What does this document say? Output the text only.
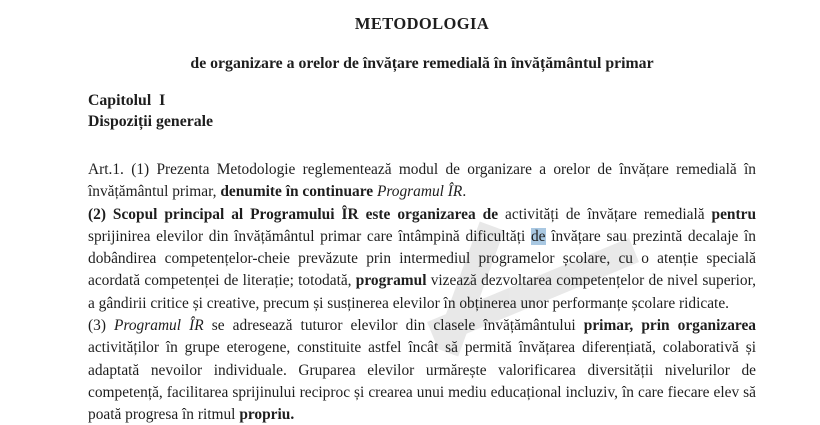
METODOLOGIA
de organizare a orelor de învățare remedială în învățământul primar
Capitolul  I
Dispoziții generale

Art.1. (1) Prezenta Metodologie reglementează modul de organizare a orelor de învățare remedială în învățământul primar, denumite în continuare Programul ÎR.

(2) Scopul principal al Programului ÎR este organizarea de activități de învățare remedială pentru sprijinirea elevilor din învățământul primar care întâmpină dificultăți de învățare sau prezintă decalaje în dobândirea competențelor-cheie prevăzute prin intermediul programelor școlare, cu o atenție specială acordată competenței de literație; totodată, programul vizează dezvoltarea competențelor de nivel superior, a gândirii critice și creative, precum și susținerea elevilor în obținerea unor performanțe școlare ridicate.

(3) Programul ÎR se adresează tuturor elevilor din clasele învățământului primar, prin organizarea activităților în grupe eterogene, constituite astfel încât să permită învățarea diferențiată, colaborativă și adaptată nevoilor individuale. Gruparea elevilor urmărește valorificarea diversității nivelurilor de competență, facilitarea sprijinului reciproc și crearea unui mediu educațional incluziv, în care fiecare elev să poată progresa în ritmul propriu.
